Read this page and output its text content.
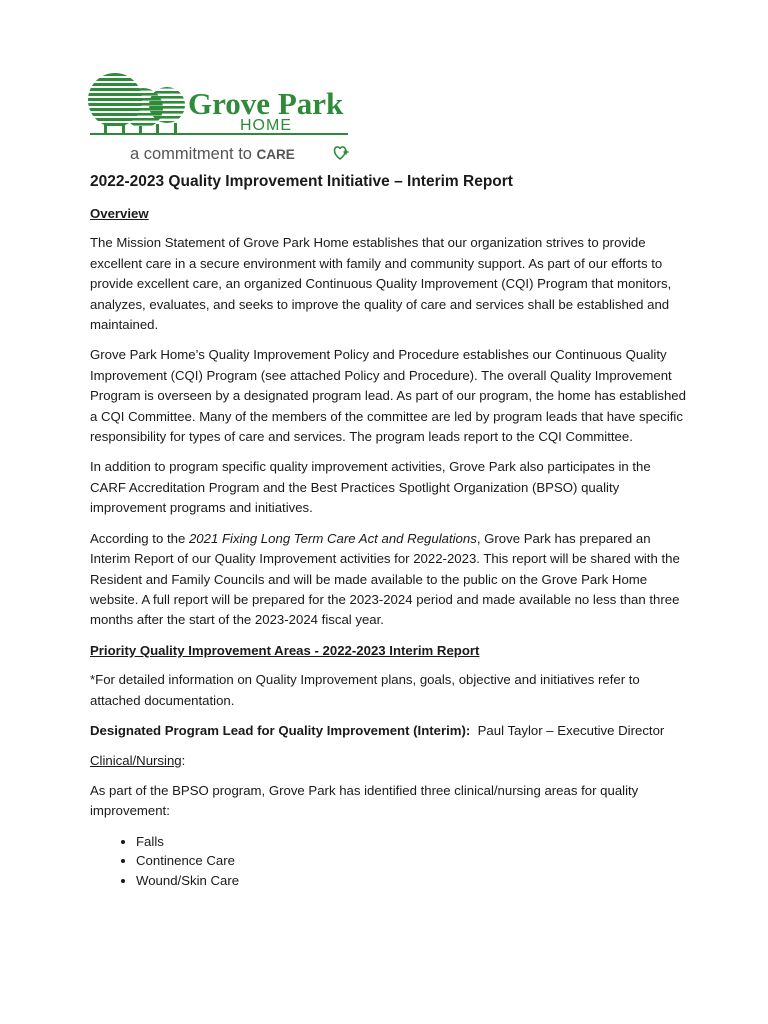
Grove Park
HOME
a commitment to CARE
2022-2023 Quality Improvement Initiative – Interim Report
Overview

The Mission Statement of Grove Park Home establishes that our organization strives to provide excellent care in a secure environment with family and community support. As part of our efforts to provide excellent care, an organized Continuous Quality Improvement (CQI) Program that monitors, analyzes, evaluates, and seeks to improve the quality of care and services shall be established and maintained.

Grove Park Home’s Quality Improvement Policy and Procedure establishes our Continuous Quality Improvement (CQI) Program (see attached Policy and Procedure). The overall Quality Improvement Program is overseen by a designated program lead. As part of our program, the home has established a CQI Committee. Many of the members of the committee are led by program leads that have specific responsibility for types of care and services. The program leads report to the CQI Committee.

In addition to program specific quality improvement activities, Grove Park also participates in the CARF Accreditation Program and the Best Practices Spotlight Organization (BPSO) quality improvement programs and initiatives.

According to the 2021 Fixing Long Term Care Act and Regulations, Grove Park has prepared an Interim Report of our Quality Improvement activities for 2022-2023. This report will be shared with the Resident and Family Councils and will be made available to the public on the Grove Park Home website. A full report will be prepared for the 2023-2024 period and made available no less than three months after the start of the 2023-2024 fiscal year.

Priority Quality Improvement Areas - 2022-2023 Interim Report

*For detailed information on Quality Improvement plans, goals, objective and initiatives refer to attached documentation.

Designated Program Lead for Quality Improvement (Interim):  Paul Taylor – Executive Director

Clinical/Nursing:

As part of the BPSO program, Grove Park has identified three clinical/nursing areas for quality improvement:

• Falls
• Continence Care
• Wound/Skin Care
